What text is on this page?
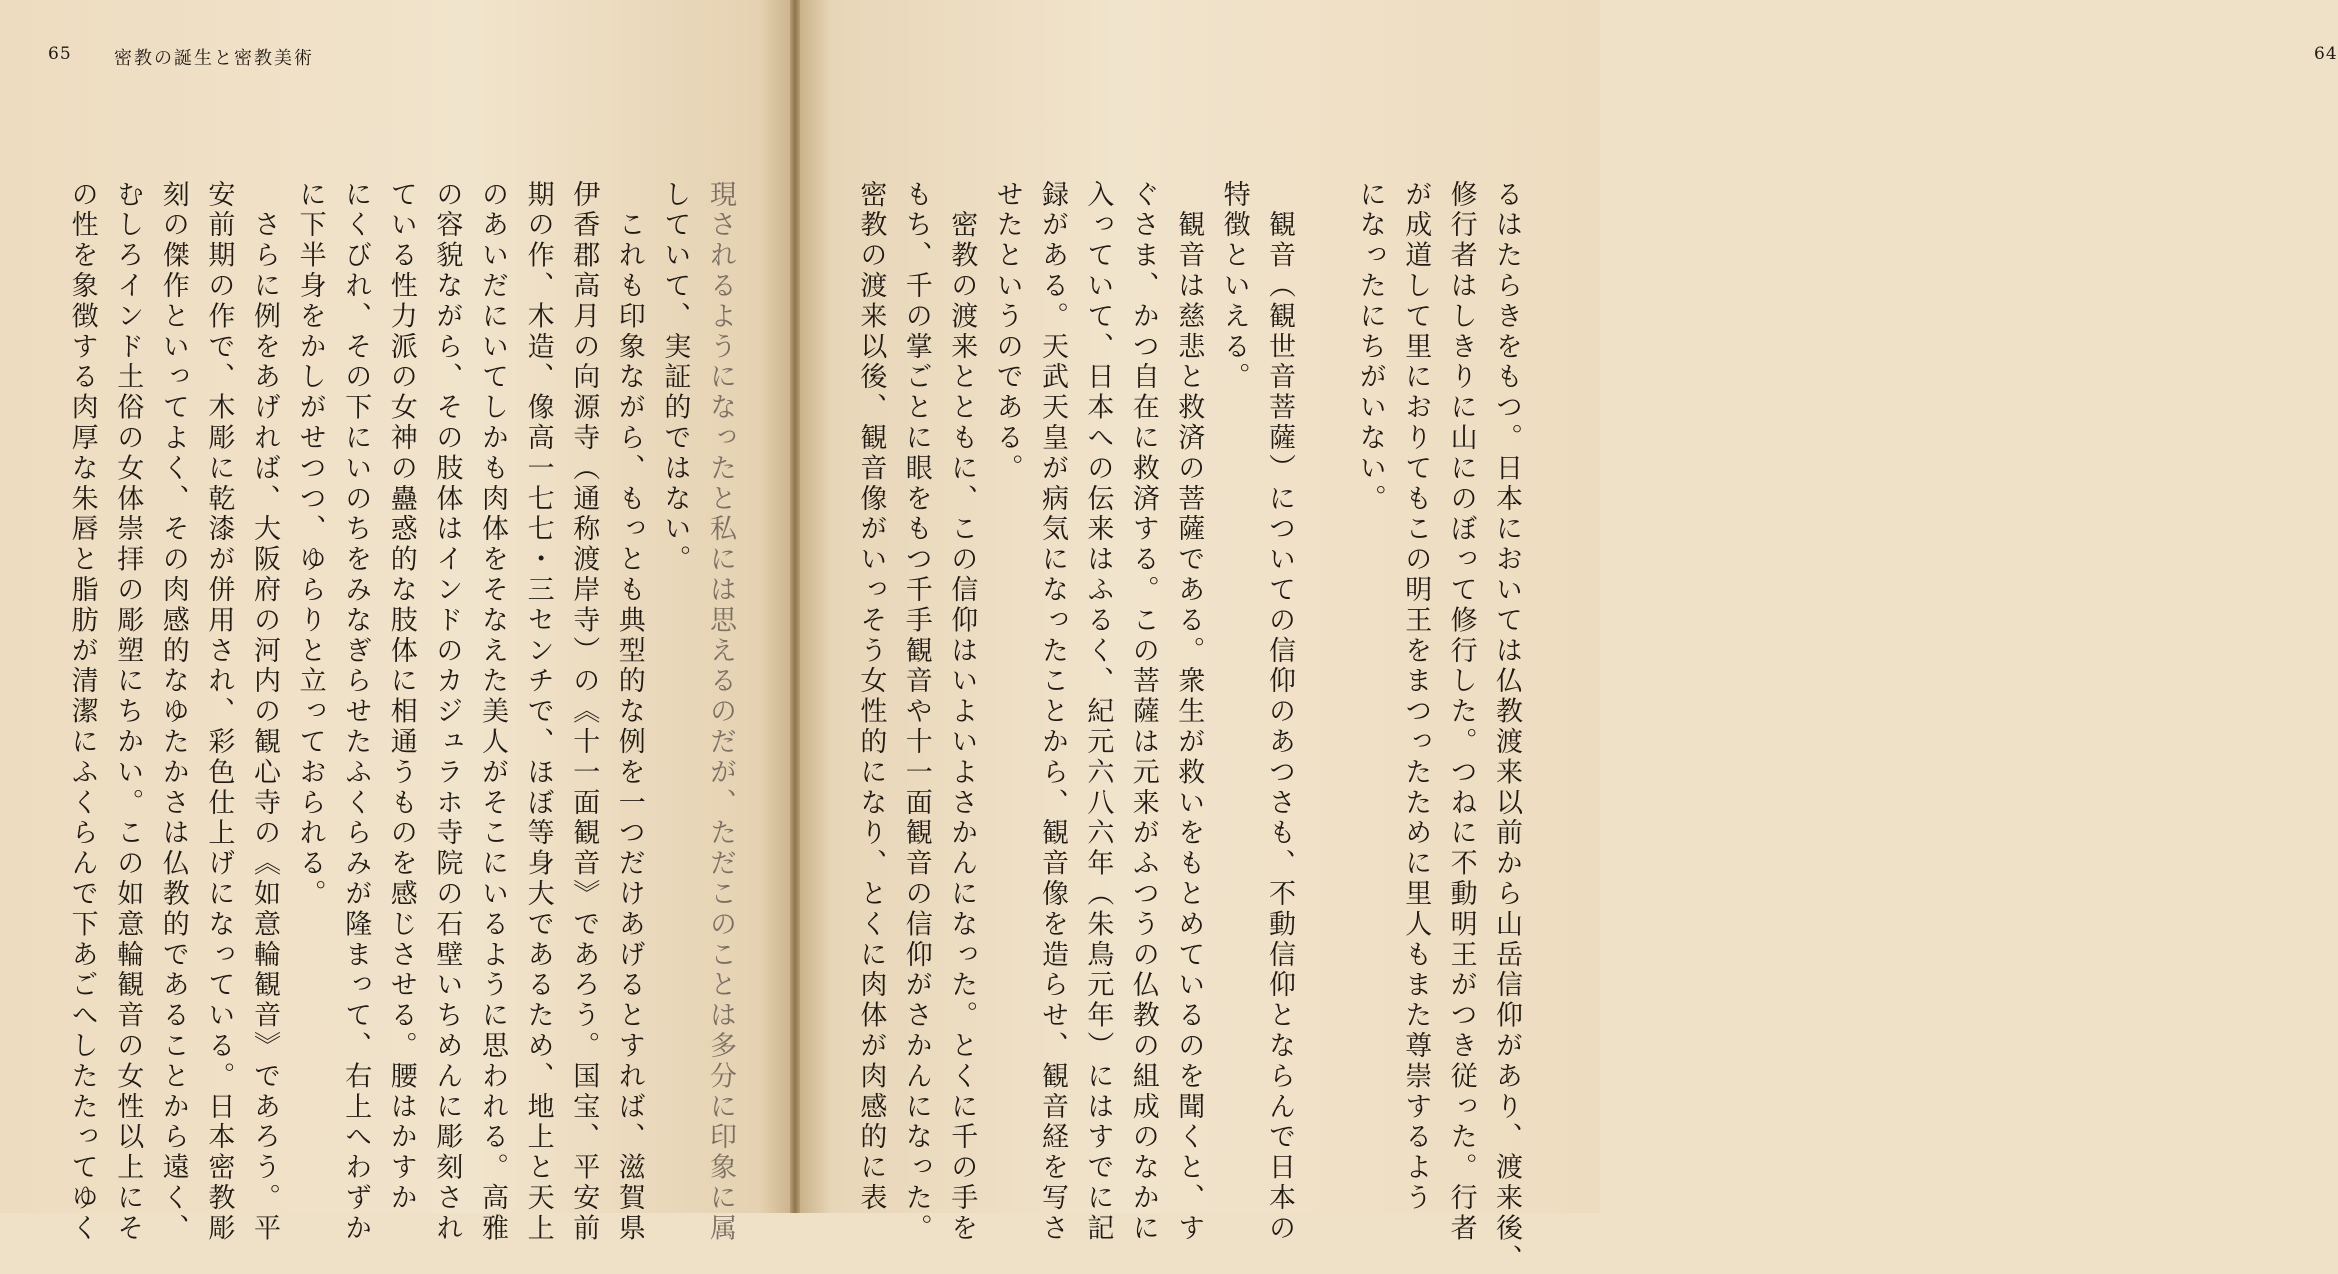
65 密教の誕生と密教美術
現されるようになったと私には思えるのだが、ただこのことは多分に印象に属
していて、実証的ではない。
　これも印象ながら、もっとも典型的な例を一つだけあげるとすれば、滋賀県
伊香郡高月の向源寺（通称渡岸寺）の《十一面観音》であろう。国宝、平安前
期の作、木造、像高一七七・三センチで、ほぼ等身大であるため、地上と天上
のあいだにいてしかも肉体をそなえた美人がそこにいるように思われる。高雅
の容貌ながら、その肢体はインドのカジュラホ寺院の石壁いちめんに彫刻され
ている性力派の女神の蠱惑的な肢体に相通うものを感じさせる。腰はかすか
にくびれ、その下にいのちをみなぎらせたふくらみが隆まって、右上へわずか
に下半身をかしがせつつ、ゆらりと立っておられる。
　さらに例をあげれば、大阪府の河内の観心寺の《如意輪観音》であろう。平
安前期の作で、木彫に乾漆が併用され、彩色仕上げになっている。日本密教彫
刻の傑作といってよく、その肉感的なゆたかさは仏教的であることから遠く、
むしろインド土俗の女体崇拝の彫塑にちかい。この如意輪観音の女性以上にそ
の性を象徴する肉厚な朱唇と脂肪が清潔にふくらんで下あごへしたたってゆく
64
るはたらきをもつ。日本においては仏教渡来以前から山岳信仰があり、渡来後、
修行者はしきりに山にのぼって修行した。つねに不動明王がつき従った。行者
が成道して里におりてもこの明王をまつったために里人もまた尊崇するよう
になったにちがいない。
　観音（観世音菩薩）についての信仰のあつさも、不動信仰とならんで日本の
特徴といえる。
　観音は慈悲と救済の菩薩である。衆生が救いをもとめているのを聞くと、す
ぐさま、かつ自在に救済する。この菩薩は元来がふつうの仏教の組成のなかに
入っていて、日本への伝来はふるく、紀元六八六年（朱鳥元年）にはすでに記
録がある。天武天皇が病気になったことから、観音像を造らせ、観音経を写さ
せたというのである。
　密教の渡来とともに、この信仰はいよいよさかんになった。とくに千の手を
もち、千の掌ごとに眼をもつ千手観音や十一面観音の信仰がさかんになった。
密教の渡来以後、観音像がいっそう女性的になり、とくに肉体が肉感的に表
